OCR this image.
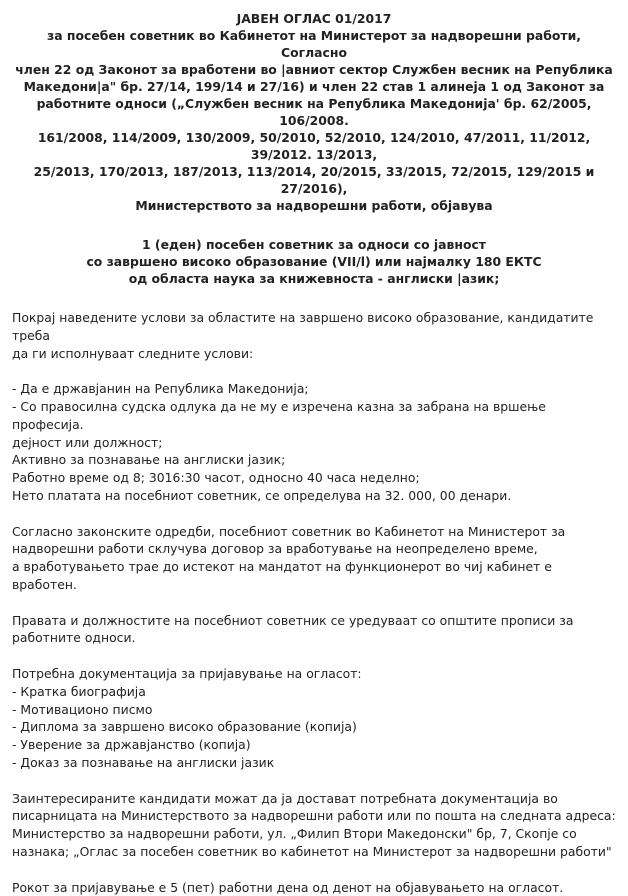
ЈАВЕН ОГЛАС 01/2017

за посебен советник во Кабинетот на Министерот за надворешни работи, Согласно

член 22 од Законот за вработени во |авниот сектор Службен весник на Република

Македони|а" бр. 27/14, 199/14 и 27/16) и член 22 став 1 алинеја 1 од Законот за

работните односи („Службен весник на Република Македонија' бр. 62/2005, 106/2008.

161/2008, 114/2009, 130/2009, 50/2010, 52/2010, 124/2010, 47/2011, 11/2012, 39/2012. 13/2013,

25/2013, 170/2013, 187/2013, 113/2014, 20/2015, 33/2015, 72/2015, 129/2015 и 27/2016),

Министерството за надворешни работи, објавува

1 (еден) посебен советник за односи со јавност

со завршено високо образование (VII/l) или најмалку 180 ЕКТС

од областа наука за книжевноста - англиски |азик;

Покрај наведените услови за областите на завршено високо образование, кандидатите треба

да ги исполнуваат следните услови:

- Да е државјанин на Република Македонија;

- Со правосилна судска одлука да не му е изречена казна за забрана на вршење професија.

дејност или должност;

Активно за познавање на англиски јазик;

Работно време од 8; 3016:30 часот, односно 40 часа неделно;

Нето платата на посебниот советник, се определува на 32. 000, 00 денари.

Согласно законските одредби, посебниот советник во Кабинетот на Министерот за

надворешни работи склучува договор за вработување на неопределено време,

а вработувањето трае до истекот на мандатот на функционерот во чиј кабинет е вработен.

Правата и должностите на посебниот советник се уредуваат со општите прописи за

работните односи.

Потребна документација за пријавување на огласот:

- Кратка биографија

- Мотивационо писмо

- Диплома за завршено високо образование (копија)

- Уверение за државјанство (копија)

- Доказ за познавање на англиски јазик

Заинтересираните кандидати можат да ја достават потребната документација во

писарницата на Министерството за надворешни работи или по пошта на следната адреса:

Министерство за надворешни работи, ул. „Филип Втори Македонски" бр, 7, Скопје со

назнака; „Оглас за посебен советник во кабинетот на Министерот за надворешни работи"

Рокот за пријавување е 5 (пет) работни дена од денот на објавувањето на огласот.
